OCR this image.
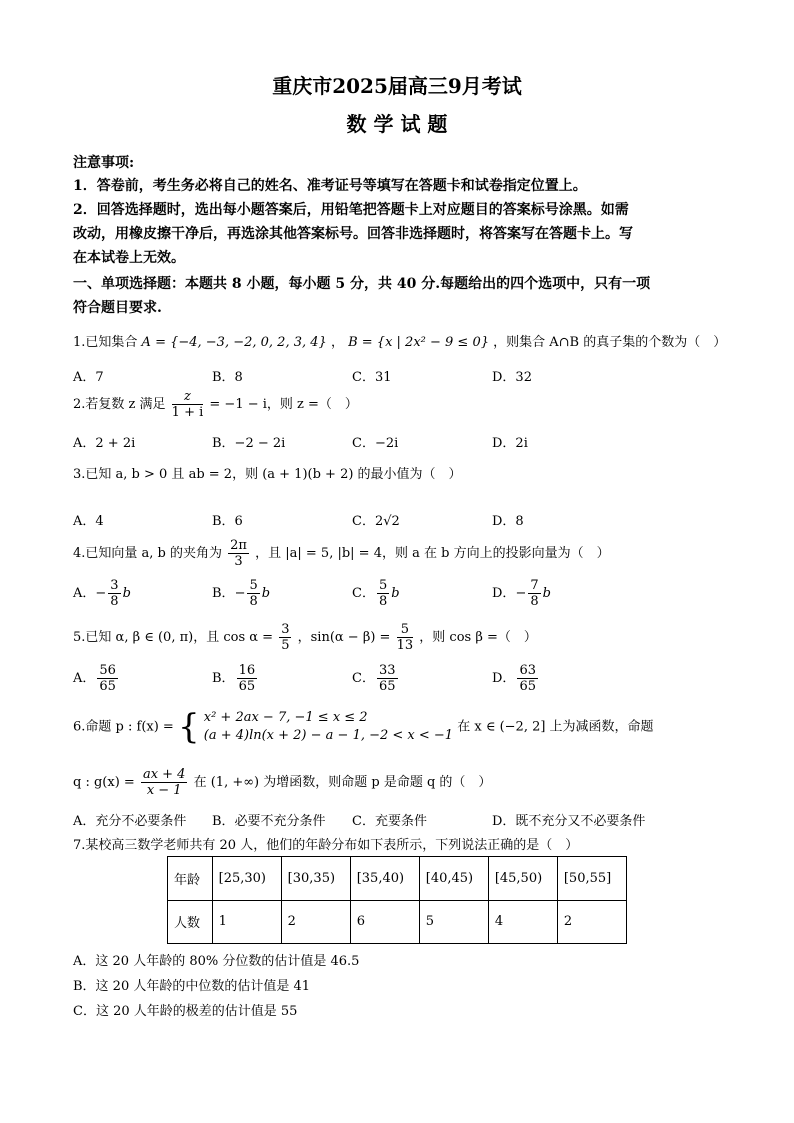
重庆市2025届高三9月考试
数 学 试 题
注意事项:
1．答卷前，考生务必将自己的姓名、准考证号等填写在答题卡和试卷指定位置上。
2．回答选择题时，选出每小题答案后，用铅笔把答题卡上对应题目的答案标号涂黑。如需
改动，用橡皮擦干净后，再选涂其他答案标号。回答非选择题时，将答案写在答题卡上。写
在本试卷上无效。
一、单项选择题：本题共 8 小题，每小题 5 分，共 40 分.每题给出的四个选项中，只有一项
符合题目要求.
1.已知集合 A = {−4, −3, −2, 0, 2, 3, 4} ， B = {x | 2x² − 9 ≤ 0} ，则集合 A∩B 的真子集的个数为（　）
A．7	B．8	C．31	D．32
2.若复数 z 满足 $\frac{z}{1 + i} = -1 - i$，则 z =（　）
A．2 + 2i	B．−2 − 2i	C．−2i	D．2i
3.已知 a, b > 0 且 ab = 2，则 (a + 1)(b + 2) 的最小值为（　）
A．4	B．6	C．2√2	D．8
4.已知向量 a, b 的夹角为 $\frac{2\pi}{3}$ ，且 |a| = 5, |b| = 4，则 a 在 b 方向上的投影向量为（　）
A．− $\frac{3}{8}$ b	B．− $\frac{5}{8}$ b	C． $\frac{5}{8}$ b	D．− $\frac{7}{8}$ b
5.已知 α, β ∈ (0, π)，且 $\cos \alpha = \frac{3}{5}$ ，$\sin(\alpha - \beta) = \frac{5}{13}$ ，则 cos β =（　）
A． $\frac{56}{65}$	B． $\frac{16}{65}$	C． $\frac{33}{65}$	D． $\frac{63}{65}$
6.命题 p : f(x) = { x² + 2ax − 7, −1 ≤ x ≤ 2
(a + 4)ln(x + 2) − a − 1, −2 < x < −1
在 x ∈ (−2, 2] 上为减函数，命题
q : $g(x) = \frac{ax + 4}{x - 1}$ 在 (1, +∞) 为增函数，则命题 p 是命题 q 的（　）
A．充分不必要条件 B．必要不充分条件 C．充要条件	D．既不充分又不必要条件
7.某校高三数学老师共有 20 人，他们的年龄分布如下表所示，下列说法正确的是（　）
年龄	[25,30)	[30,35)	[35,40)	[40,45)	[45,50)	[50,55]
人数	1	2	6	5	4	2
A．这 20 人年龄的 80% 分位数的估计值是 46.5
B．这 20 人年龄的中位数的估计值是 41
C．这 20 人年龄的极差的估计值是 55
